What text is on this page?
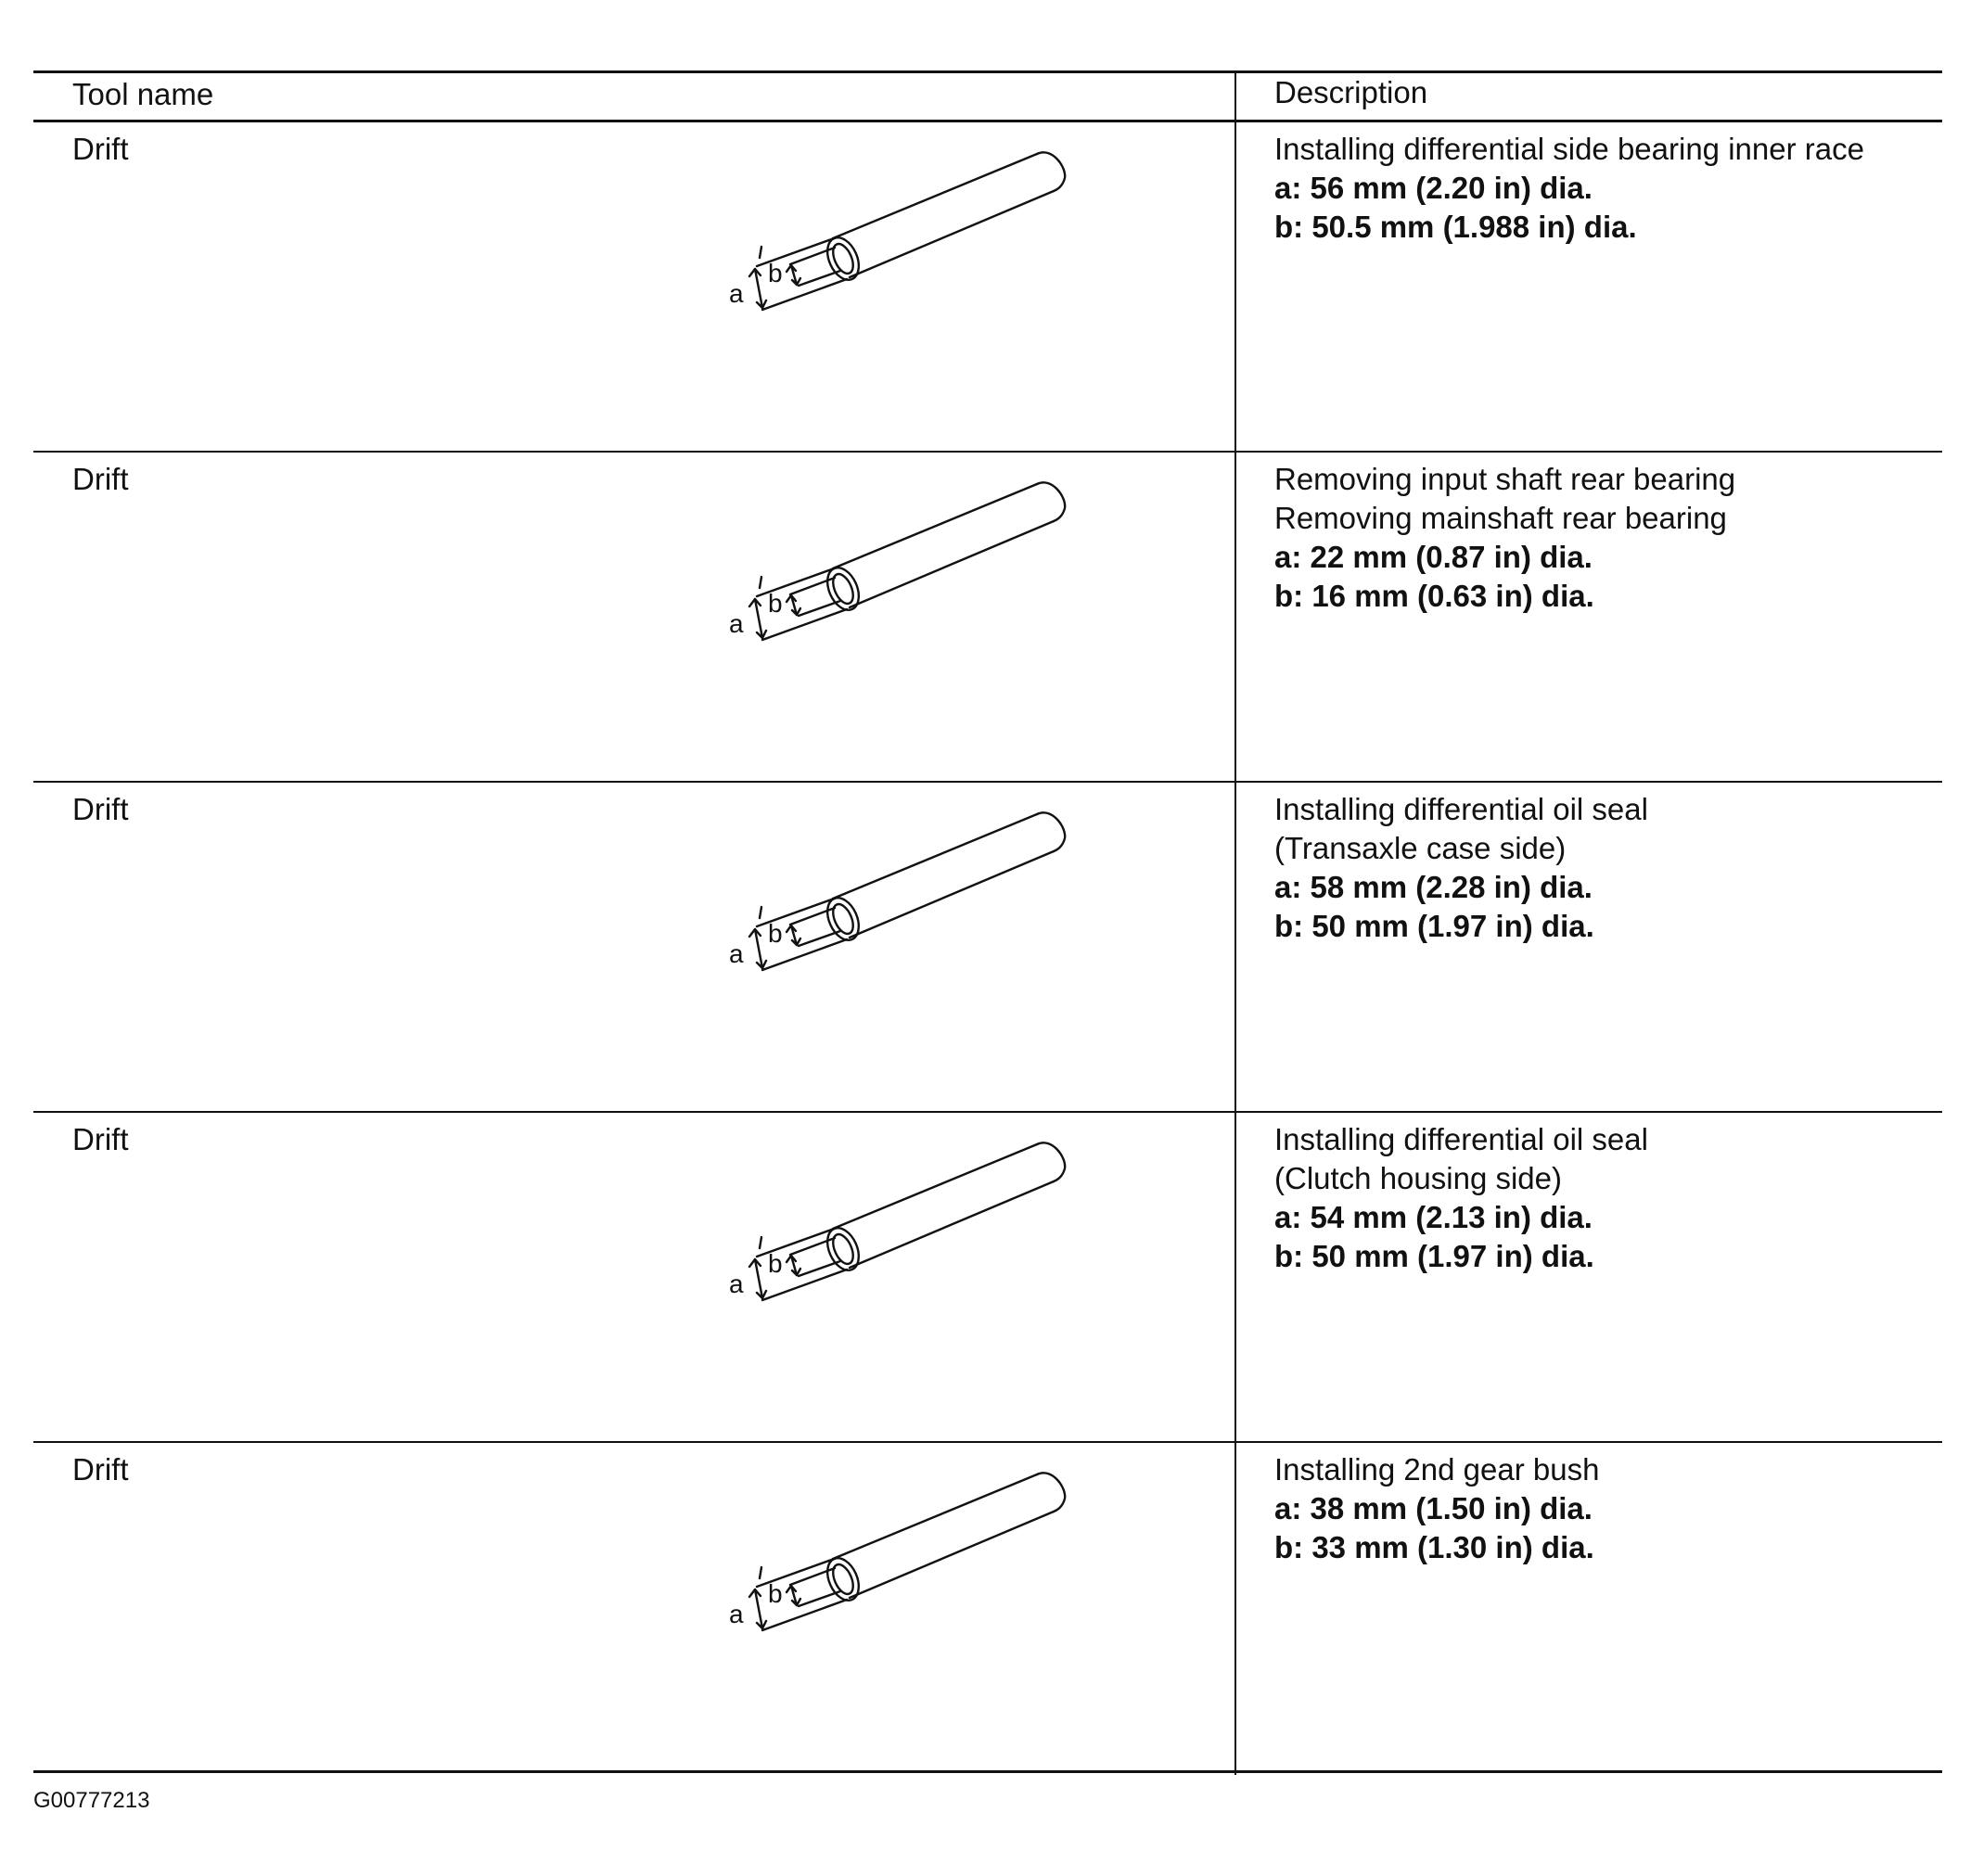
Tool name	Description
Drift
a
b
Installing differential side bearing inner race
a: 56 mm (2.20 in) dia.
b: 50.5 mm (1.988 in) dia.
Drift
a
b
Removing input shaft rear bearing
Removing mainshaft rear bearing
a: 22 mm (0.87 in) dia.
b: 16 mm (0.63 in) dia.
Drift
a
b
Installing differential oil seal
(Transaxle case side)
a: 58 mm (2.28 in) dia.
b: 50 mm (1.97 in) dia.
Drift
a
b
Installing differential oil seal
(Clutch housing side)
a: 54 mm (2.13 in) dia.
b: 50 mm (1.97 in) dia.
Drift
a
b
Installing 2nd gear bush
a: 38 mm (1.50 in) dia.
b: 33 mm (1.30 in) dia.
G00777213
